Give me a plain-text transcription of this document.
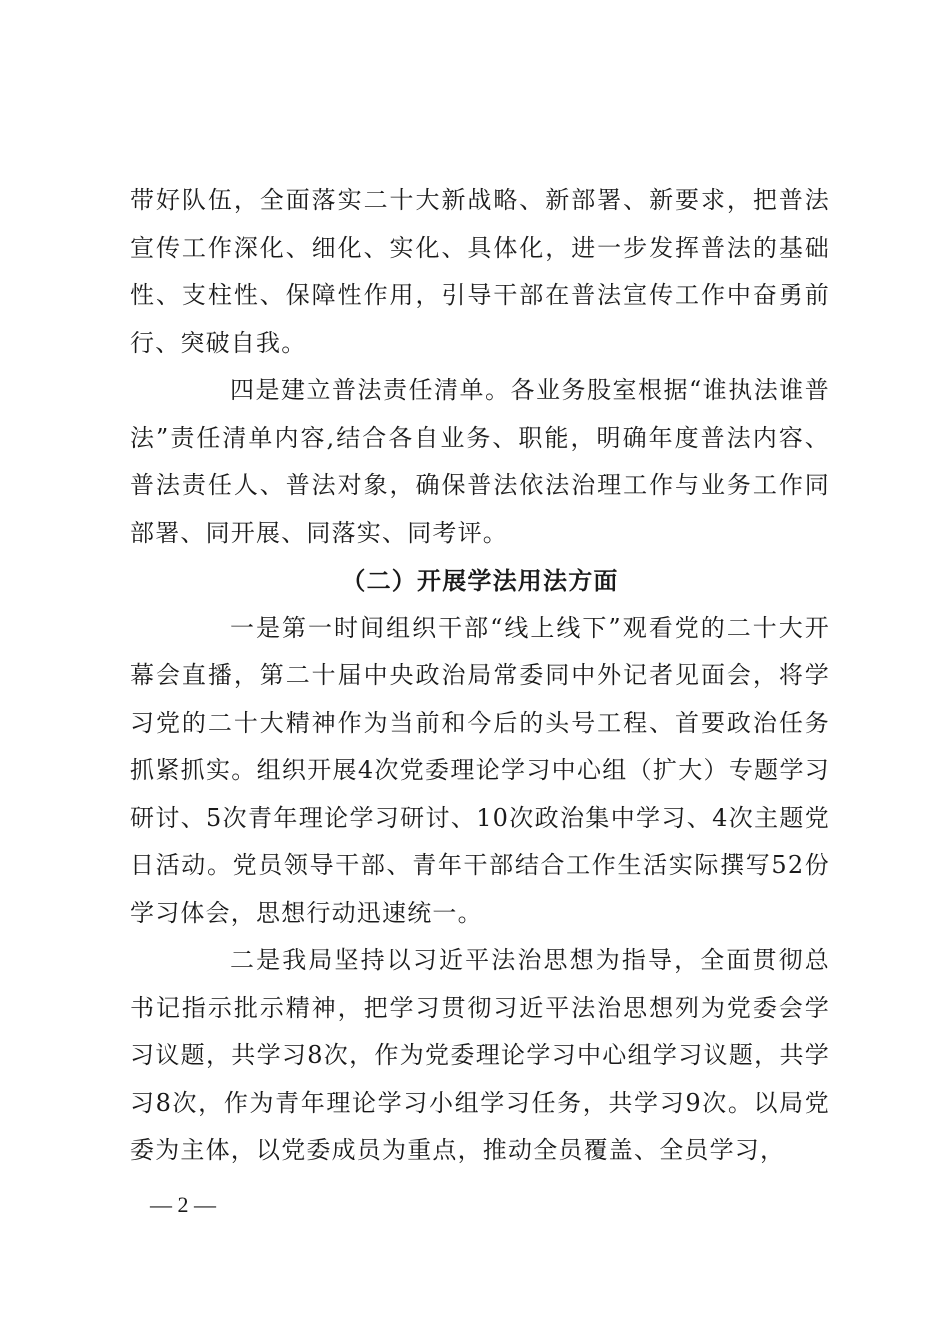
带好队伍，全面落实二十大新战略、新部署、新要求，把普法宣传工作深化、细化、实化、具体化，进一步发挥普法的基础性、支柱性、保障性作用，引导干部在普法宣传工作中奋勇前行、突破自我。

四是建立普法责任清单。各业务股室根据“谁执法谁普法”责任清单内容,结合各自业务、职能，明确年度普法内容、普法责任人、普法对象，确保普法依法治理工作与业务工作同部署、同开展、同落实、同考评。

（二）开展学法用法方面

一是第一时间组织干部“线上线下”观看党的二十大开幕会直播，第二十届中央政治局常委同中外记者见面会，将学习党的二十大精神作为当前和今后的头号工程、首要政治任务抓紧抓实。组织开展4次党委理论学习中心组（扩大）专题学习研讨、5次青年理论学习研讨、10次政治集中学习、4次主题党日活动。党员领导干部、青年干部结合工作生活实际撰写52份学习体会，思想行动迅速统一。

二是我局坚持以习近平法治思想为指导，全面贯彻总书记指示批示精神，把学习贯彻习近平法治思想列为党委会学习议题，共学习8次，作为党委理论学习中心组学习议题，共学习8次，作为青年理论学习小组学习任务，共学习9次。以局党委为主体，以党委成员为重点，推动全员覆盖、全员学习，

— 2 —
